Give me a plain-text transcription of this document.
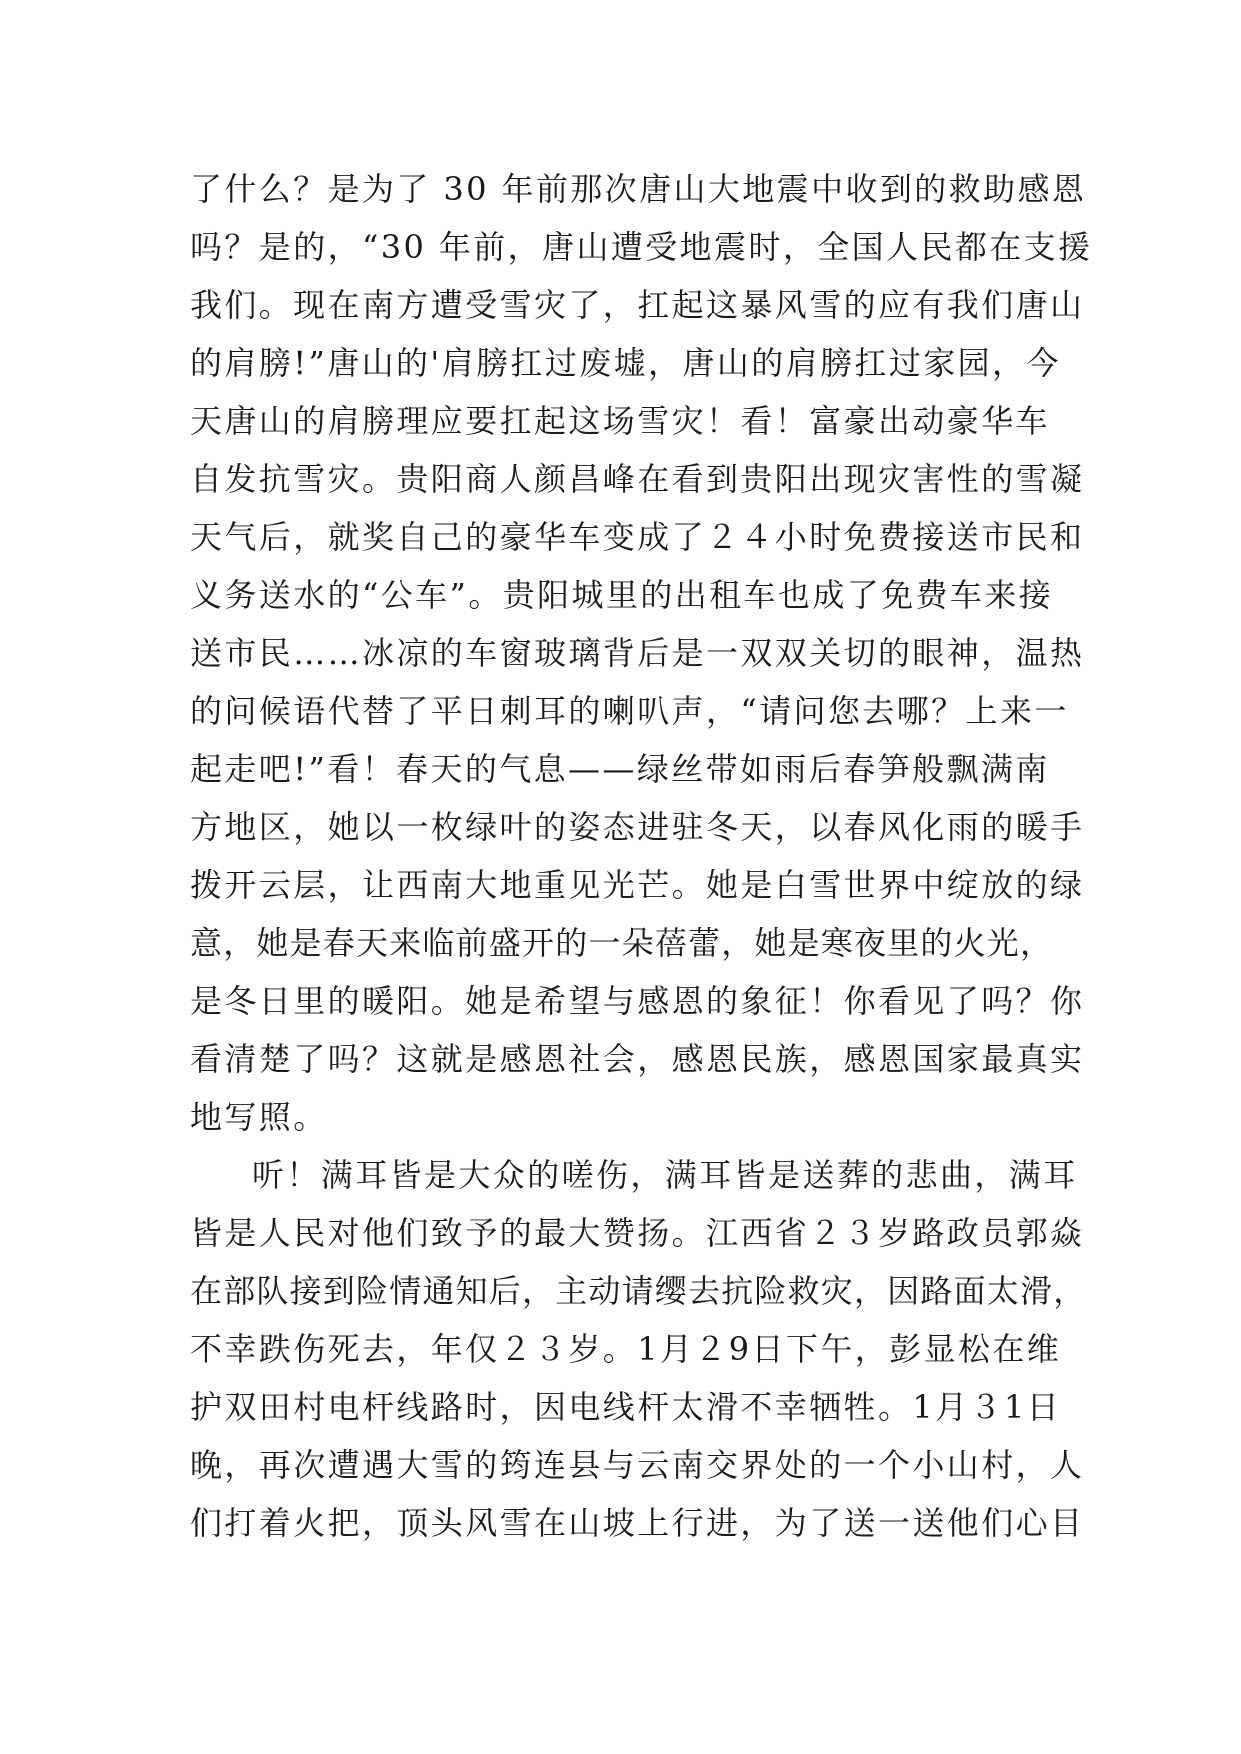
了什么？是为了 30 年前那次唐山大地震中收到的救助感恩
吗？是的，“30 年前，唐山遭受地震时，全国人民都在支援
我们。现在南方遭受雪灾了，扛起这暴风雪的应有我们唐山
的肩膀!”唐山的'肩膀扛过废墟，唐山的肩膀扛过家园，今
天唐山的肩膀理应要扛起这场雪灾！看！富豪出动豪华车
自发抗雪灾。贵阳商人颜昌峰在看到贵阳出现灾害性的雪凝
天气后，就奖自己的豪华车变成了２４小时免费接送市民和
义务送水的“公车”。贵阳城里的出租车也成了免费车来接
送市民……冰凉的车窗玻璃背后是一双双关切的眼神，温热
的问候语代替了平日刺耳的喇叭声，“请问您去哪？上来一
起走吧!”看！春天的气息——绿丝带如雨后春笋般飘满南
方地区，她以一枚绿叶的姿态进驻冬天，以春风化雨的暖手
拨开云层，让西南大地重见光芒。她是白雪世界中绽放的绿
意，她是春天来临前盛开的一朵蓓蕾，她是寒夜里的火光，
是冬日里的暖阳。她是希望与感恩的象征！你看见了吗？你
看清楚了吗？这就是感恩社会，感恩民族，感恩国家最真实
地写照。
听！满耳皆是大众的嗟伤，满耳皆是送葬的悲曲，满耳
皆是人民对他们致予的最大赞扬。江西省２３岁路政员郭焱
在部队接到险情通知后，主动请缨去抗险救灾，因路面太滑，
不幸跌伤死去，年仅２３岁。1月２9日下午，彭显松在维
护双田村电杆线路时，因电线杆太滑不幸牺牲。1月３1日
晚，再次遭遇大雪的筠连县与云南交界处的一个小山村，人
们打着火把，顶头风雪在山坡上行进，为了送一送他们心目
